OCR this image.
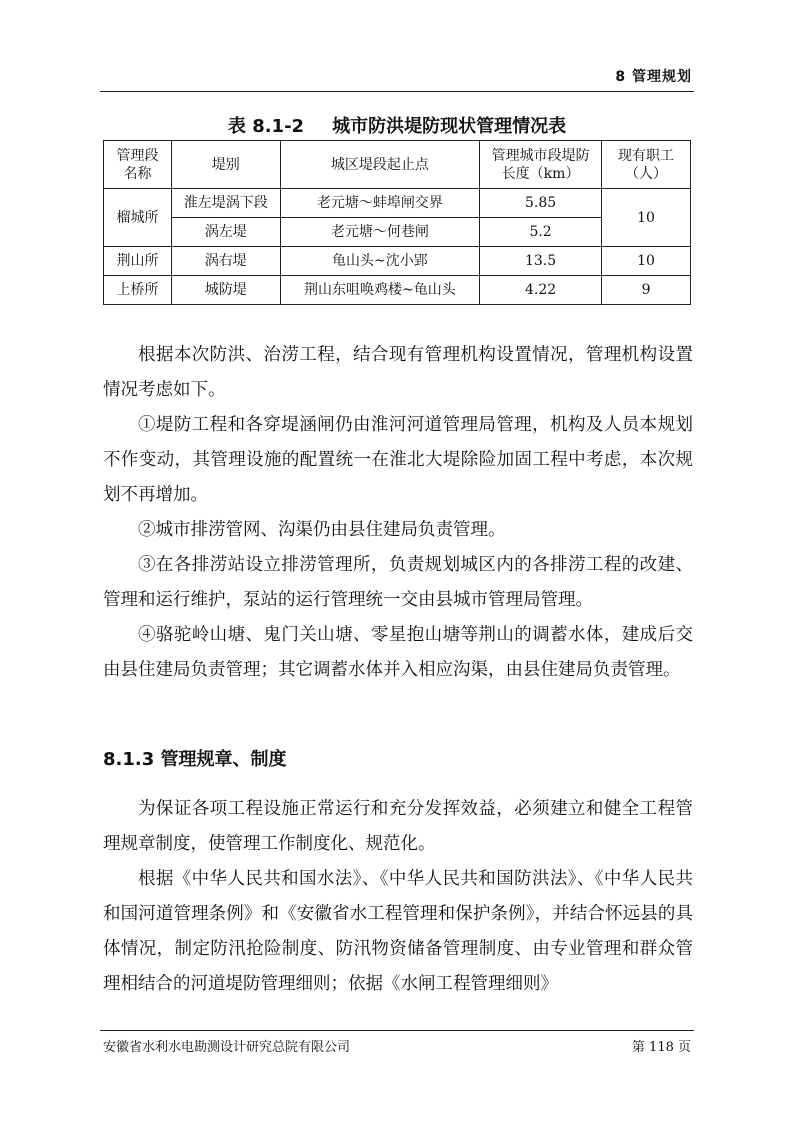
8 管理规划
表 8.1-2 城市防洪堤防现状管理情况表
管理段名称	堤别	城区堤段起止点	管理城市段堤防长度（km）	现有职工（人）

榴城所	淮左堤涡下段	老元塘～蚌埠闸交界	5.85	10
	涡左堤	老元塘～何巷闸	5.2	
荆山所	涡右堤	龟山头~沈小郢	13.5	10
上桥所	城防堤	荆山东咀唤鸡楼~龟山头	4.22	9

根据本次防洪、治涝工程，结合现有管理机构设置情况，管理机构设置情况考虑如下。

①堤防工程和各穿堤涵闸仍由淮河河道管理局管理，机构及人员本规划不作变动，其管理设施的配置统一在淮北大堤除险加固工程中考虑，本次规划不再增加。

②城市排涝管网、沟渠仍由县住建局负责管理。

③在各排涝站设立排涝管理所，负责规划城区内的各排涝工程的改建、管理和运行维护，泵站的运行管理统一交由县城市管理局管理。

④骆驼岭山塘、鬼门关山塘、零星抱山塘等荆山的调蓄水体，建成后交由县住建局负责管理；其它调蓄水体并入相应沟渠，由县住建局负责管理。

8.1.3 管理规章、制度

为保证各项工程设施正常运行和充分发挥效益，必须建立和健全工程管理规章制度，使管理工作制度化、规范化。

根据《中华人民共和国水法》、《中华人民共和国防洪法》、《中华人民共和国河道管理条例》和《安徽省水工程管理和保护条例》，并结合怀远县的具体情况，制定防汛抢险制度、防汛物资储备管理制度、由专业管理和群众管理相结合的河道堤防管理细则；依据《水闸工程管理细则》

安徽省水利水电勘测设计研究总院有限公司	第 118 页
